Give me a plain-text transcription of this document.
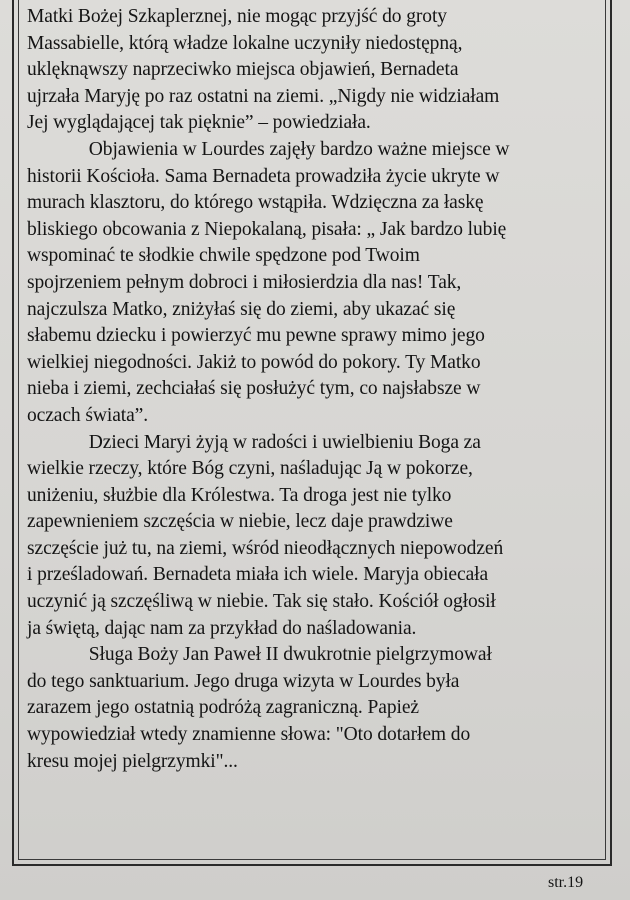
Matki Bożej Szkaplerznej, nie mogąc przyjść do groty
Massabielle, którą władze lokalne uczyniły niedostępną,
uklęknąwszy naprzeciwko miejsca objawień, Bernadeta
ujrzała Maryję po raz ostatni na ziemi. „Nigdy nie widziałam
Jej wyglądającej tak pięknie” – powiedziała.
Objawienia w Lourdes zajęły bardzo ważne miejsce w
historii Kościoła. Sama Bernadeta prowadziła życie ukryte w
murach klasztoru, do którego wstąpiła. Wdzięczna za łaskę
bliskiego obcowania z Niepokalaną, pisała: „ Jak bardzo lubię
wspominać te słodkie chwile spędzone pod Twoim
spojrzeniem pełnym dobroci i miłosierdzia dla nas! Tak,
najczulsza Matko, zniżyłaś się do ziemi, aby ukazać się
słabemu dziecku i powierzyć mu pewne sprawy mimo jego
wielkiej niegodności. Jakiż to powód do pokory. Ty Matko
nieba i ziemi, zechciałaś się posłużyć tym, co najsłabsze w
oczach świata”.
Dzieci Maryi żyją w radości i uwielbieniu Boga za
wielkie rzeczy, które Bóg czyni, naśladując Ją w pokorze,
uniżeniu, służbie dla Królestwa. Ta droga jest nie tylko
zapewnieniem szczęścia w niebie, lecz daje prawdziwe
szczęście już tu, na ziemi, wśród nieodłącznych niepowodzeń
i prześladowań. Bernadeta miała ich wiele. Maryja obiecała
uczynić ją szczęśliwą w niebie. Tak się stało. Kościół ogłosił
ja świętą, dając nam za przykład do naśladowania.
Sługa Boży Jan Paweł II dwukrotnie pielgrzymował
do tego sanktuarium. Jego druga wizyta w Lourdes była
zarazem jego ostatnią podróżą zagraniczną. Papież
wypowiedział wtedy znamienne słowa: "Oto dotarłem do
kresu mojej pielgrzymki"...
str.19
